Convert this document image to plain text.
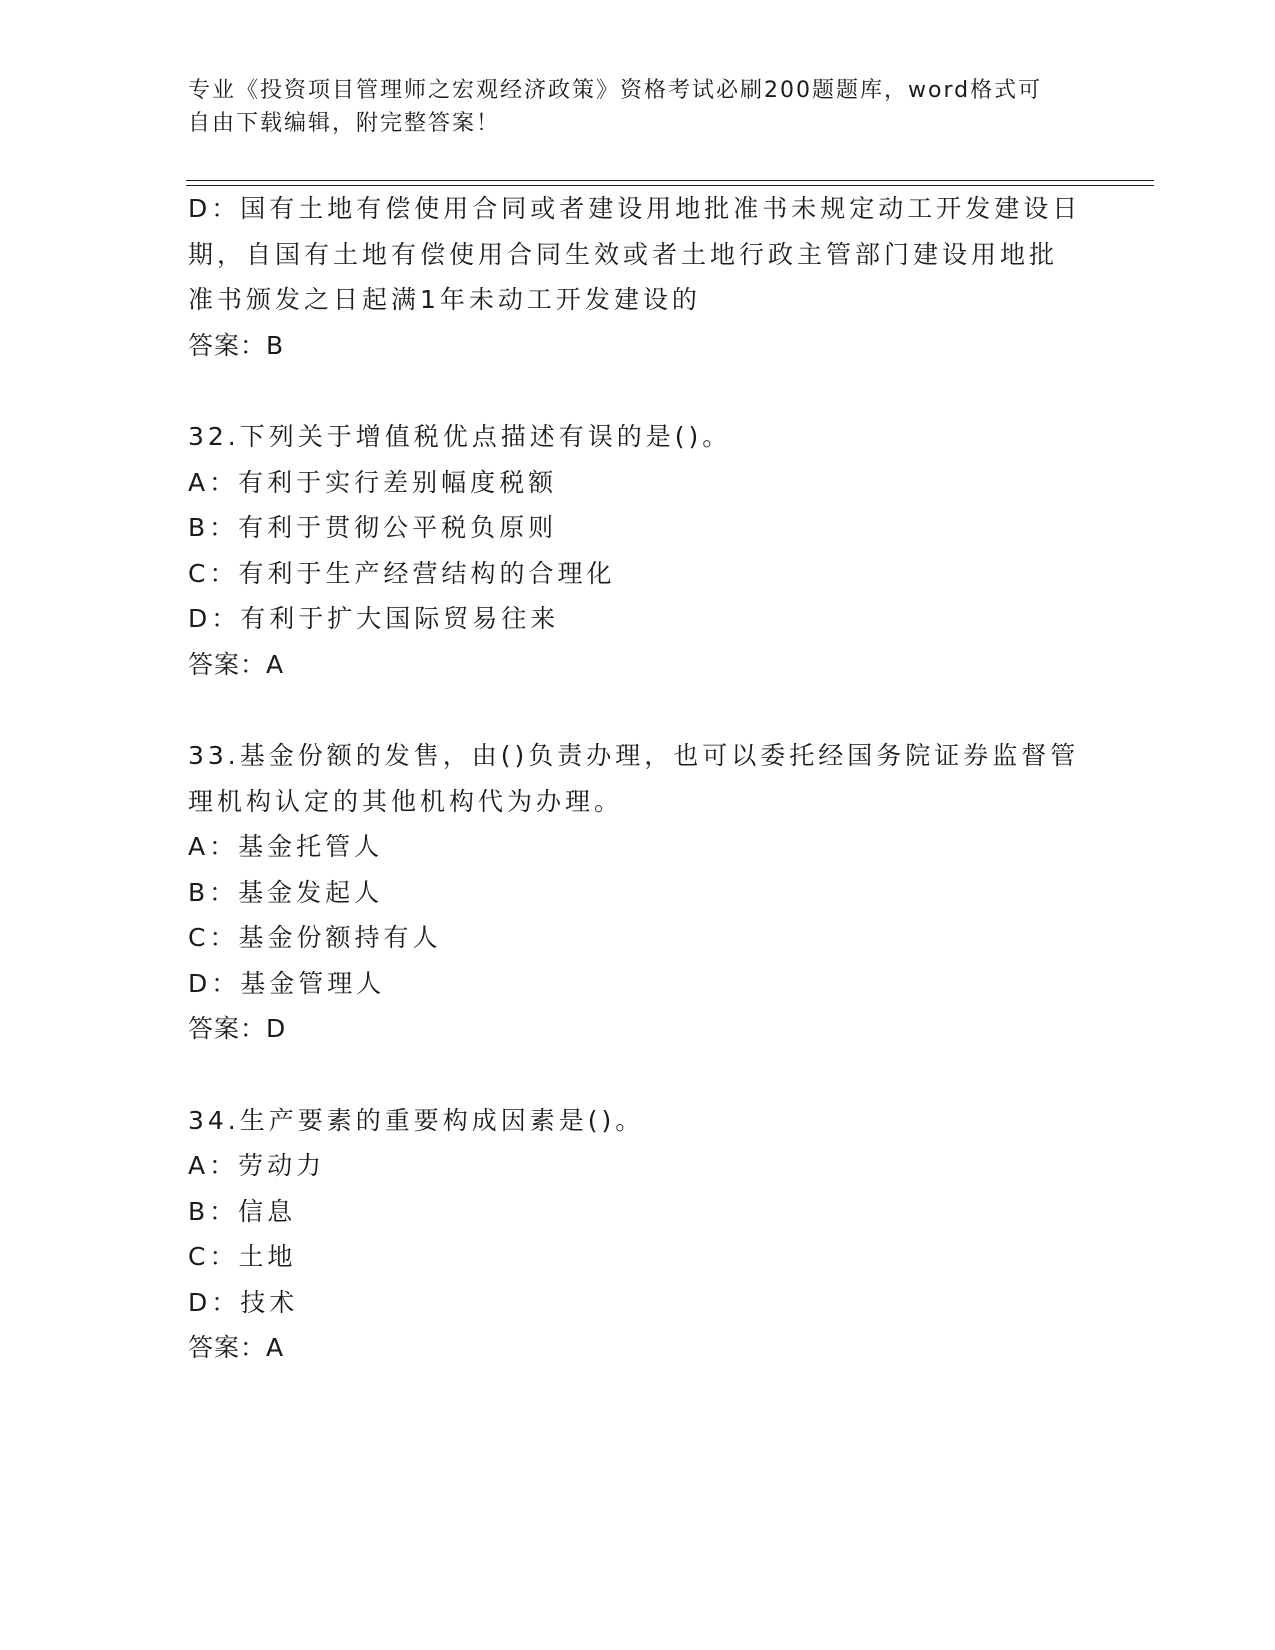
专业《投资项目管理师之宏观经济政策》资格考试必刷200题题库，word格式可
自由下载编辑，附完整答案！
D：国有土地有偿使用合同或者建设用地批准书未规定动工开发建设日
期，自国有土地有偿使用合同生效或者土地行政主管部门建设用地批
准书颁发之日起满1年未动工开发建设的
答案：B
32.下列关于增值税优点描述有误的是()。
A：有利于实行差别幅度税额
B：有利于贯彻公平税负原则
C：有利于生产经营结构的合理化
D：有利于扩大国际贸易往来
答案：A
33.基金份额的发售，由()负责办理，也可以委托经国务院证券监督管
理机构认定的其他机构代为办理。
A：基金托管人
B：基金发起人
C：基金份额持有人
D：基金管理人
答案：D
34.生产要素的重要构成因素是()。
A：劳动力
B：信息
C：土地
D：技术
答案：A
